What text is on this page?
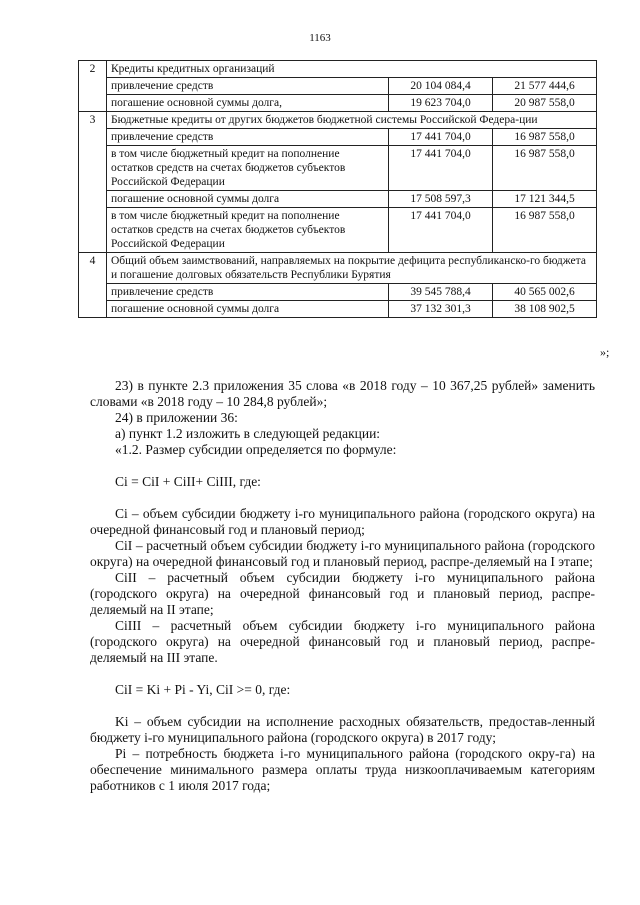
1163
2	Кредиты кредитных организаций		
	привлечение средств	20 104 084,4	21 577 444,6
	погашение основной суммы долга,	19 623 704,0	20 987 558,0
3	Бюджетные кредиты от других бюджетов бюджетной системы Российской Федера-ции		
	привлечение средств	17 441 704,0	16 987 558,0
	в том числе бюджетный кредит на пополнение остатков средств на счетах бюджетов субъектов Российской Федерации	17 441 704,0	16 987 558,0
	погашение основной суммы долга	17 508 597,3	17 121 344,5
	в том числе бюджетный кредит на пополнение остатков средств на счетах бюджетов субъектов Российской Федерации	17 441 704,0	16 987 558,0
4	Общий объем заимствований, направляемых на покрытие дефицита республиканско-го бюджета и погашение долговых обязательств Республики Бурятия		
	привлечение средств	39 545 788,4	40 565 002,6
	погашение основной суммы долга	37 132 301,3	38 108 902,5
»;

23) в пункте 2.3 приложения 35 слова «в 2018 году – 10 367,25 рублей» заменить словами «в 2018 году – 10 284,8 рублей»;

24) в приложении 36:

а) пункт 1.2 изложить в следующей редакции:

«1.2. Размер субсидии определяется по формуле:

Ci = CiI + CiII+ CiIII, где:

Ci – объем субсидии бюджету i-го муниципального района (городского округа) на очередной финансовый год и плановый период;

CiI – расчетный объем субсидии бюджету i-го муниципального района (городского округа) на очередной финансовый год и плановый период, распре-деляемый на I этапе;

CiII – расчетный объем субсидии бюджету i-го муниципального района (городского округа) на очередной финансовый год и плановый период, распре-деляемый на II этапе;

CiIII – расчетный объем субсидии бюджету i-го муниципального района (городского округа) на очередной финансовый год и плановый период, распре-деляемый на III этапе.

CiI = Ki + Pi - Yi, CiI >= 0, где:

Ki – объем субсидии на исполнение расходных обязательств, предостав-ленный бюджету i-го муниципального района (городского округа) в 2017 году;

Pi – потребность бюджета i-го муниципального района (городского окру-га) на обеспечение минимального размера оплаты труда низкооплачиваемым категориям работников с 1 июля 2017 года;
